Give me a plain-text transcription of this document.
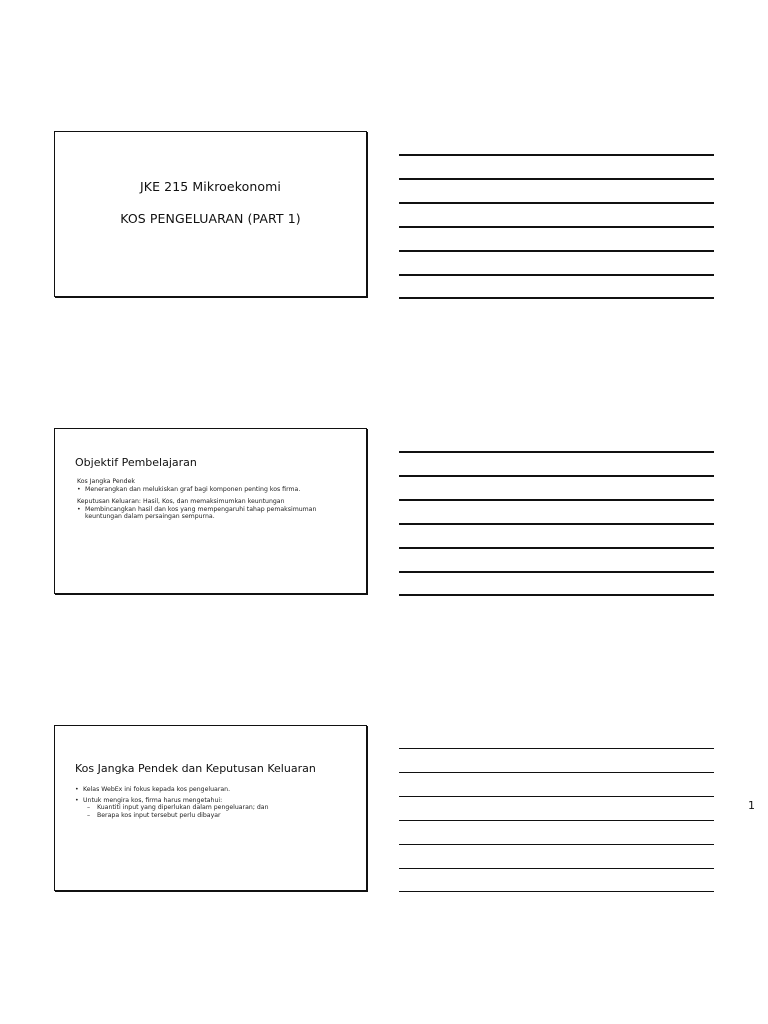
JKE 215 Mikroekonomi
KOS PENGELUARAN (PART 1)
Objektif Pembelajaran
Kos Jangka Pendek
• Menerangkan dan melukiskan graf bagi komponen penting kos firma.
Keputusan Keluaran: Hasil, Kos, dan memaksimumkan keuntungan
• Membincangkan hasil dan kos yang mempengaruhi tahap pemaksimuman keuntungan dalam persaingan sempurna.
Kos Jangka Pendek dan Keputusan Keluaran
• Kelas WebEx ini fokus kepada kos pengeluaran.
• Untuk mengira kos, firma harus mengetahui:
– Kuantiti input yang diperlukan dalam pengeluaran; dan
– Berapa kos input tersebut perlu dibayar
1
